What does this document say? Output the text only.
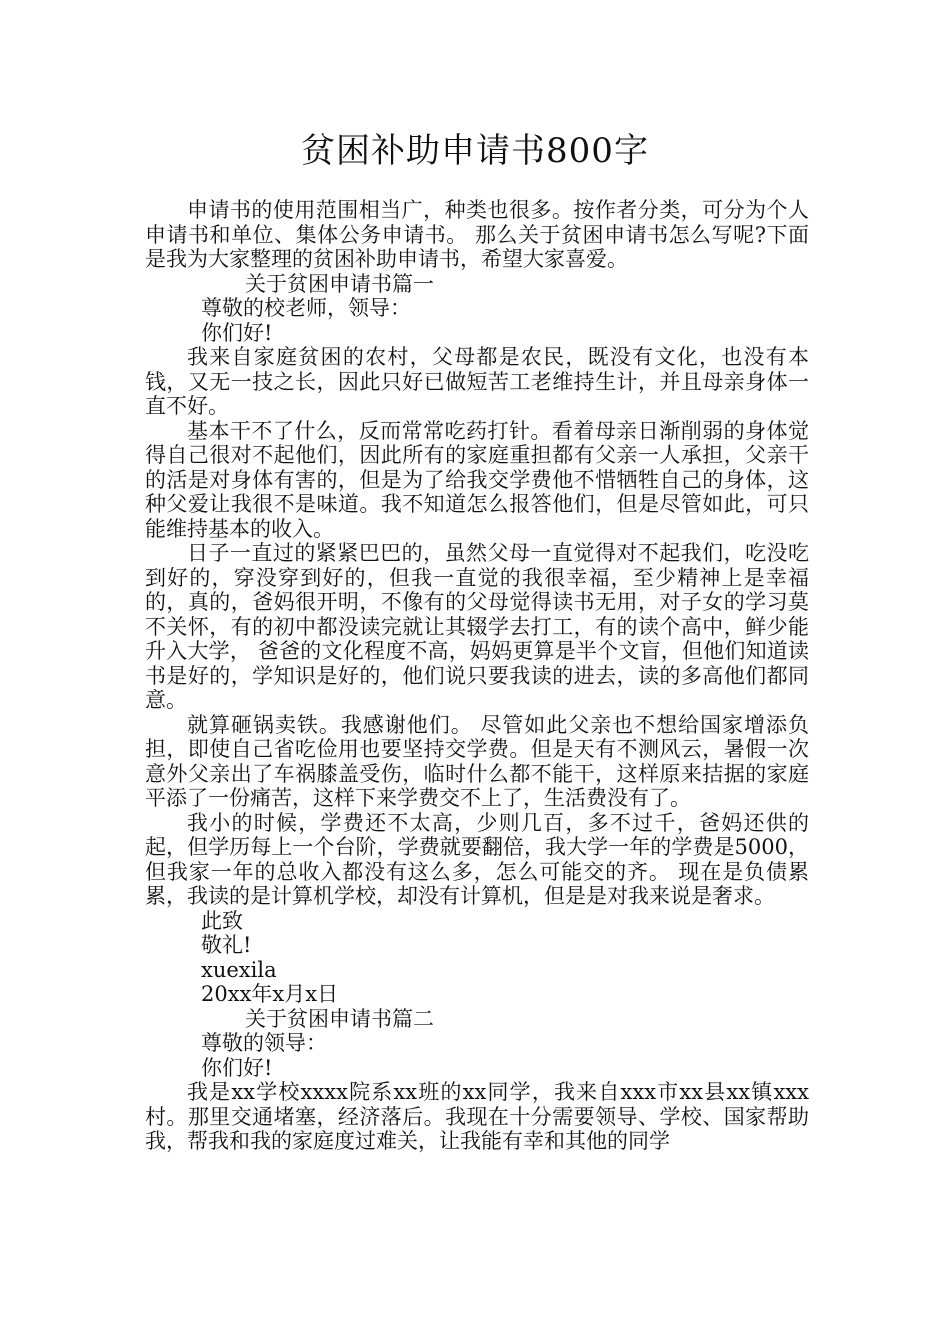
贫困补助申请书800字

申请书的使用范围相当广，种类也很多。按作者分类，可分为个人申请书和单位、集体公务申请书。 那么关于贫困申请书怎么写呢?下面是我为大家整理的贫困补助申请书，希望大家喜爱。

关于贫困申请书篇一

尊敬的校老师，领导：

你们好!

我来自家庭贫困的农村，父母都是农民，既没有文化，也没有本钱，又无一技之长，因此只好已做短苦工老维持生计，并且母亲身体一直不好。

基本干不了什么，反而常常吃药打针。看着母亲日渐削弱的身体觉得自己很对不起他们，因此所有的家庭重担都有父亲一人承担，父亲干的活是对身体有害的，但是为了给我交学费他不惜牺牲自己的身体，这种父爱让我很不是味道。我不知道怎么报答他们，但是尽管如此，可只能维持基本的收入。

日子一直过的紧紧巴巴的，虽然父母一直觉得对不起我们，吃没吃到好的，穿没穿到好的，但我一直觉的我很幸福，至少精神上是幸福的，真的，爸妈很开明，不像有的父母觉得读书无用，对子女的学习莫不关怀，有的初中都没读完就让其辍学去打工，有的读个高中，鲜少能升入大学， 爸爸的文化程度不高，妈妈更算是半个文盲，但他们知道读书是好的，学知识是好的，他们说只要我读的进去，读的多高他们都同意。

就算砸锅卖铁。我感谢他们。 尽管如此父亲也不想给国家增添负担，即使自己省吃俭用也要坚持交学费。但是天有不测风云，暑假一次意外父亲出了车祸膝盖受伤，临时什么都不能干，这样原来拮据的家庭平添了一份痛苦，这样下来学费交不上了，生活费没有了。

我小的时候，学费还不太高，少则几百，多不过千，爸妈还供的起，但学历每上一个台阶，学费就要翻倍，我大学一年的学费是5000，但我家一年的总收入都没有这么多，怎么可能交的齐。 现在是负债累累，我读的是计算机学校，却没有计算机，但是是对我来说是奢求。

此致

敬礼!

xuexila

20xx年x月x日

关于贫困申请书篇二

尊敬的领导：

你们好!

我是xx学校xxxx院系xx班的xx同学，我来自xxx市xx县xx镇xxx村。那里交通堵塞，经济落后。我现在十分需要领导、学校、国家帮助我，帮我和我的家庭度过难关，让我能有幸和其他的同学
